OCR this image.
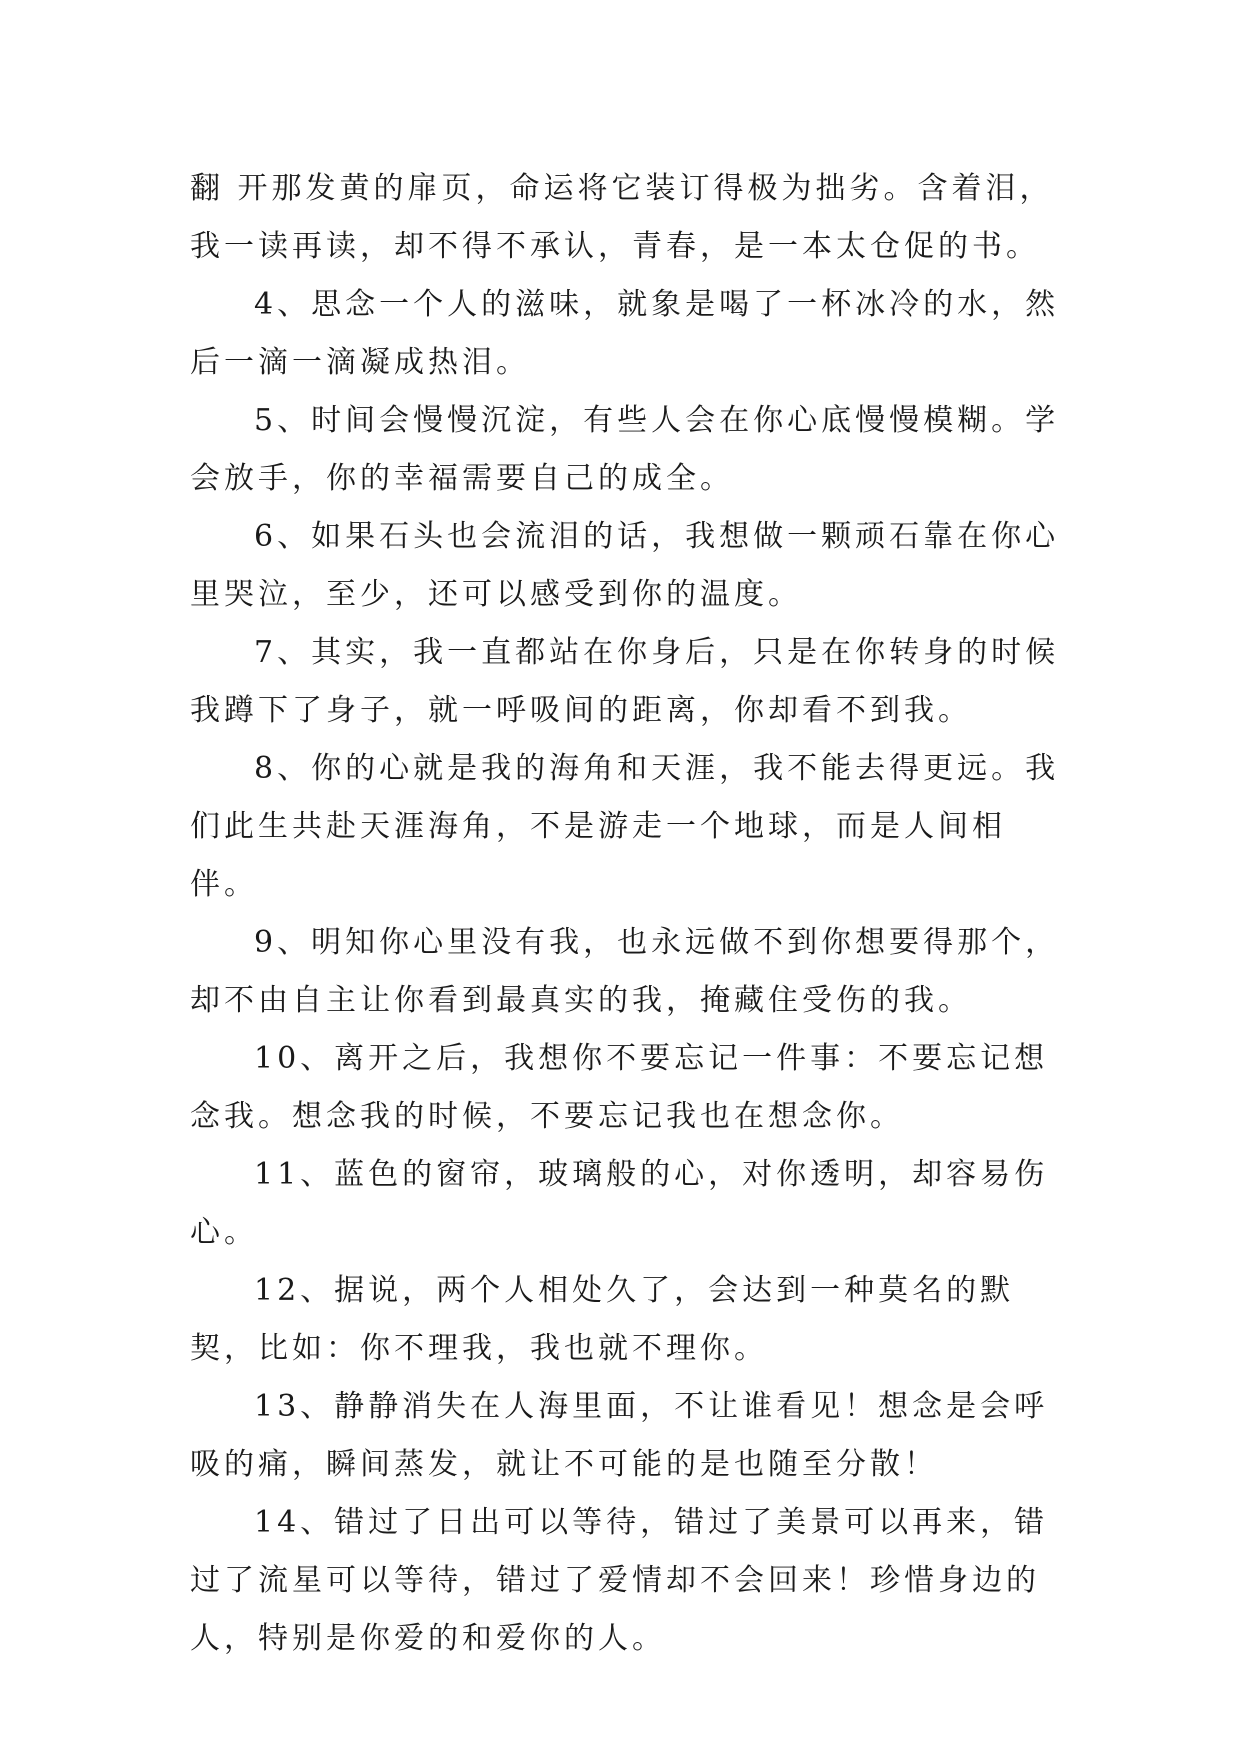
翻 开那发黄的扉页，命运将它装订得极为拙劣。含着泪，我一读再读，却不得不承认，青春，是一本太仓促的书。

4、思念一个人的滋味，就象是喝了一杯冰冷的水，然后一滴一滴凝成热泪。

5、时间会慢慢沉淀，有些人会在你心底慢慢模糊。学会放手，你的幸福需要自己的成全。

6、如果石头也会流泪的话，我想做一颗顽石靠在你心里哭泣，至少，还可以感受到你的温度。

7、其实，我一直都站在你身后，只是在你转身的时候我蹲下了身子，就一呼吸间的距离，你却看不到我。

8、你的心就是我的海角和天涯，我不能去得更远。我们此生共赴天涯海角，不是游走一个地球，而是人间相伴。

9、明知你心里没有我，也永远做不到你想要得那个，却不由自主让你看到最真实的我，掩藏住受伤的我。

10、离开之后，我想你不要忘记一件事：不要忘记想念我。想念我的时候，不要忘记我也在想念你。

11、蓝色的窗帘，玻璃般的心，对你透明，却容易伤心。

12、据说，两个人相处久了，会达到一种莫名的默契，比如：你不理我，我也就不理你。

13、静静消失在人海里面，不让谁看见！想念是会呼吸的痛，瞬间蒸发，就让不可能的是也随至分散！

14、错过了日出可以等待，错过了美景可以再来，错过了流星可以等待，错过了爱情却不会回来！珍惜身边的人，特别是你爱的和爱你的人。
